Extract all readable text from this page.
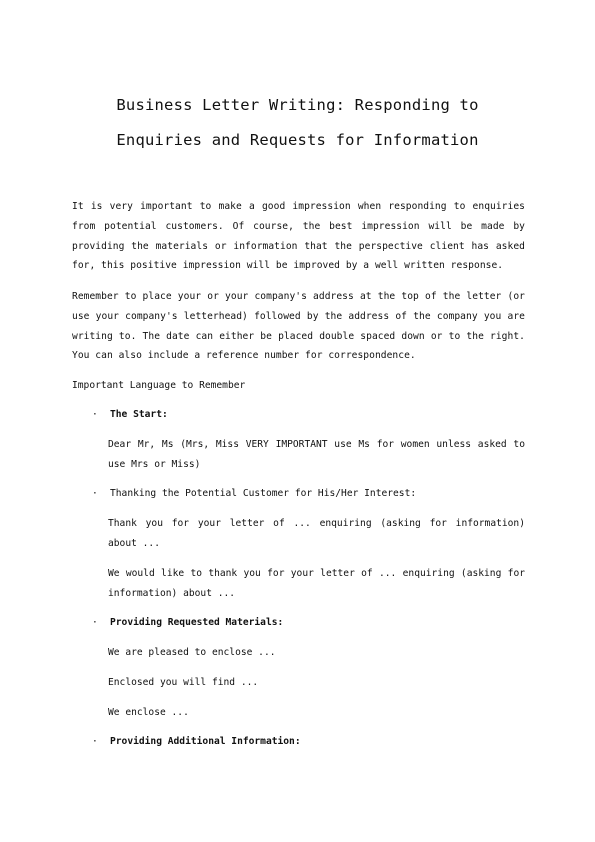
Business Letter Writing: Responding to
Enquiries and Requests for Information
It is very important to make a good impression when responding to enquiries from potential customers. Of course, the best impression will be made by providing the materials or information that the perspective client has asked for, this positive impression will be improved by a well written response.
Remember to place your or your company's address at the top of the letter (or use your company's letterhead) followed by the address of the company you are writing to. The date can either be placed double spaced down or to the right. You can also include a reference number for correspondence.
Important Language to Remember
· The Start:
Dear Mr, Ms (Mrs, Miss VERY IMPORTANT use Ms for women unless asked to use Mrs or Miss)
· Thanking the Potential Customer for His/Her Interest:
Thank you for your letter of ... enquiring (asking for information) about ...
We would like to thank you for your letter of ... enquiring (asking for information) about ...
· Providing Requested Materials:
We are pleased to enclose ...
Enclosed you will find ...
We enclose ...
· Providing Additional Information:
